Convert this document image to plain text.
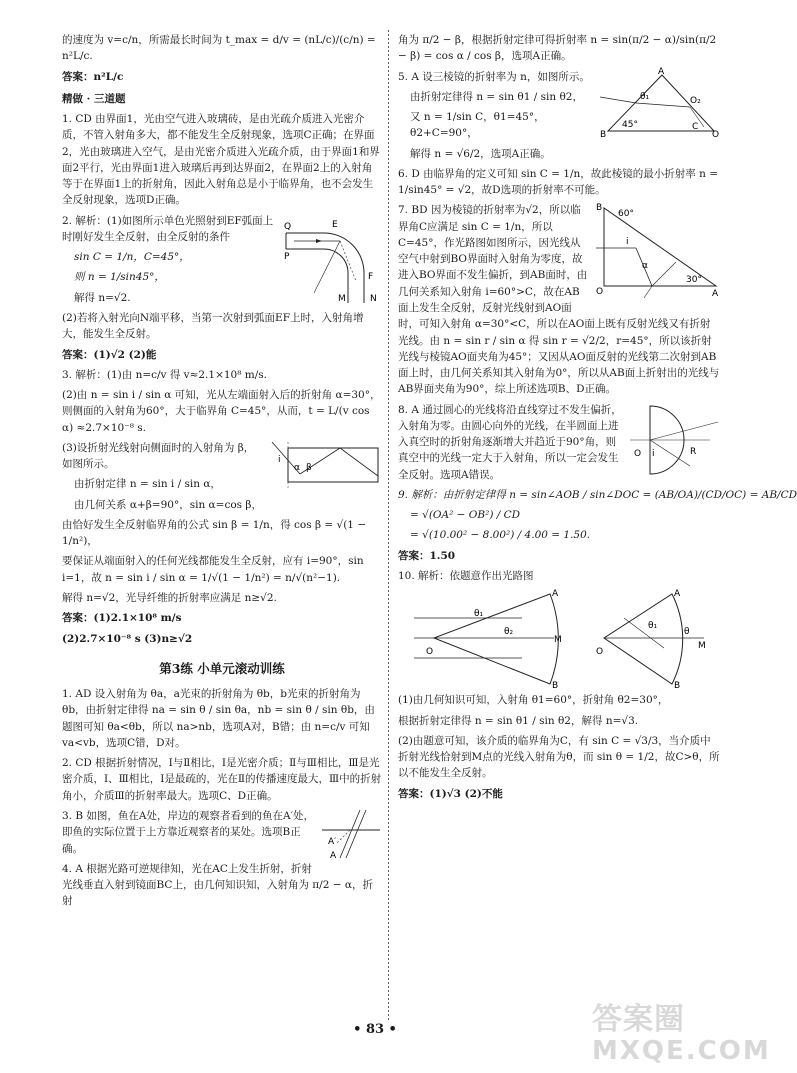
的速度为 v=c/n，所需最长时间为 t_max = d/v = (nL/c)/(c/n) = n²L/c.

答案：n²L/c

精做 · 三道题

1. CD 由界面1，光由空气进入玻璃砖，是由光疏介质进入光密介质，不管入射角多大，都不能发生全反射现象，选项C正确；在界面2，光由玻璃进入空气，是由光密介质进入光疏介质，由于界面1和界面2平行，光由界面1进入玻璃后再到达界面2，在界面2上的入射角等于在界面1上的折射角，因此入射角总是小于临界角，也不会发生全反射现象，选项D正确。

Q	E
P
F
M	N

2. 解析：(1)如图所示单色光照射到EF弧面上时刚好发生全反射，由全反射的条件

sin C = 1/n，C=45°，

则 n = 1/sin45°，

解得 n=√2.

(2)若将入射光向N端平移，当第一次射到弧面EF上时，入射角增大，能发生全反射。

答案：(1)√2 (2)能

3. 解析：(1)由 n=c/v 得 v≈2.1×10⁸ m/s.

(2)由 n = sin i / sin α 可知，光从左端面射入后的折射角 α=30°，则侧面的入射角为60°，大于临界角 C=45°，从而，t = L/(v cos α) ≈2.7×10⁻⁸ s.

i
α β

(3)设折射光线射向侧面时的入射角为 β，如图所示。

由折射定律 n = sin i / sin α，

由几何关系 α+β=90°，sin α=cos β，

由恰好发生全反射临界角的公式 sin β = 1/n，得 cos β = √(1 − 1/n²)，

要保证从端面射入的任何光线都能发生全反射，应有 i=90°，sin i=1，故 n = sin i / sin α = 1/√(1 − 1/n²) = n/√(n²−1).

解得 n=√2，光导纤维的折射率应满足 n≥√2.

答案：(1)2.1×10⁸ m/s

(2)2.7×10⁻⁸ s (3)n≥√2

第3练 小单元滚动训练

1. AD 设入射角为 θa，a光束的折射角为 θb，b光束的折射角为 θb，由折射定律得 na = sin θ / sin θa，nb = sin θ / sin θb，由题图可知 θa<θb，所以 na>nb，选项A对，B错；由 n=c/v 可知 va<vb，选项C错，D对。

2. CD 根据折射情况，Ⅰ与Ⅱ相比，Ⅰ是光密介质；Ⅱ与Ⅲ相比，Ⅲ是光密介质，Ⅰ、Ⅲ相比，Ⅰ是最疏的，光在Ⅱ的传播速度最大，Ⅲ中的折射角小，介质Ⅲ的折射率最大。选项C、D正确。

A′
A

3. B 如图，鱼在A处，岸边的观察者看到的鱼在A′处，即鱼的实际位置于上方靠近观察者的某处。选项B正确。

4. A 根据光路可逆规律知，光在AC上发生折射，折射光线垂直入射到镜面BC上，由几何知识知，入射角为 π/2 − α，折射

角为 π/2 − β，根据折射定律可得折射率 n = sin(π/2 − α)/sin(π/2 − β) = cos α / cos β，选项A正确。

A
B	O
45°
θ₁	O₂
C

5. A 设三棱镜的折射率为 n，如图所示。

由折射定律得 n = sin θ1 / sin θ2，

又 n = 1/sin C，θ1=45°，θ2+C=90°，

解得 n = √6/2，选项A正确。

6. D 由临界角的定义可知 sin C = 1/n，故此棱镜的最小折射率 n = 1/sin45° = √2，故D选项的折射率不可能。

B
60°
O	A
30°
i
α

7. BD 因为棱镜的折射率为√2，所以临界角C应满足 sin C = 1/n，所以 C=45°，作光路图如图所示，因光线从空气中射到BO界面时入射角为零度，故进入BO界面不发生偏折，到AB面时，由几何关系知入射角 i=60°>C，故在AB面上发生全反射，反射光线射到AO面时，可知入射角 α=30°<C，所以在AO面上既有反射光线又有折射光线。由 n = sin r / sin α 得 sin r = √2/2，r=45°，所以该折射光线与棱镜AO面夹角为45°；又因从AO面反射的光线第二次射到AB面上时，由几何关系知其入射角为0°，所以从AB面上折射出的光线与AB界面夹角为90°，综上所述选项B、D正确。

O i	R

8. A 通过圆心的光线将沿直线穿过不发生偏折，入射角为零。由圆心向外的光线，在半圆面上进入真空时的折射角逐渐增大并趋近于90°角，则真空中的光线一定大于入射角，所以一定会发生全反射。选项A错误。

9. 解析：由折射定律得 n = sin∠AOB / sin∠DOC = (AB/OA)/(CD/OC) = AB/CD

= √(OA² − OB²) / CD

= √(10.00² − 8.00²) / 4.00 = 1.50.

答案：1.50

10. 解析：依题意作出光路图

O
A
B
M
θ₁
θ₂
O
A
B
M
θ₁
θ

(1)由几何知识可知，入射角 θ1=60°，折射角 θ2=30°，

根据折射定律得 n = sin θ1 / sin θ2，解得 n=√3.

(2)由题意可知，该介质的临界角为C，有 sin C = √3/3，当介质中折射光线恰射到M点的光线入射角为θ，而 sin θ = 1/2，故C>θ，所以不能发生全反射。

答案：(1)√3 (2)不能

• 83 •	答案圈
MXQE.COM
